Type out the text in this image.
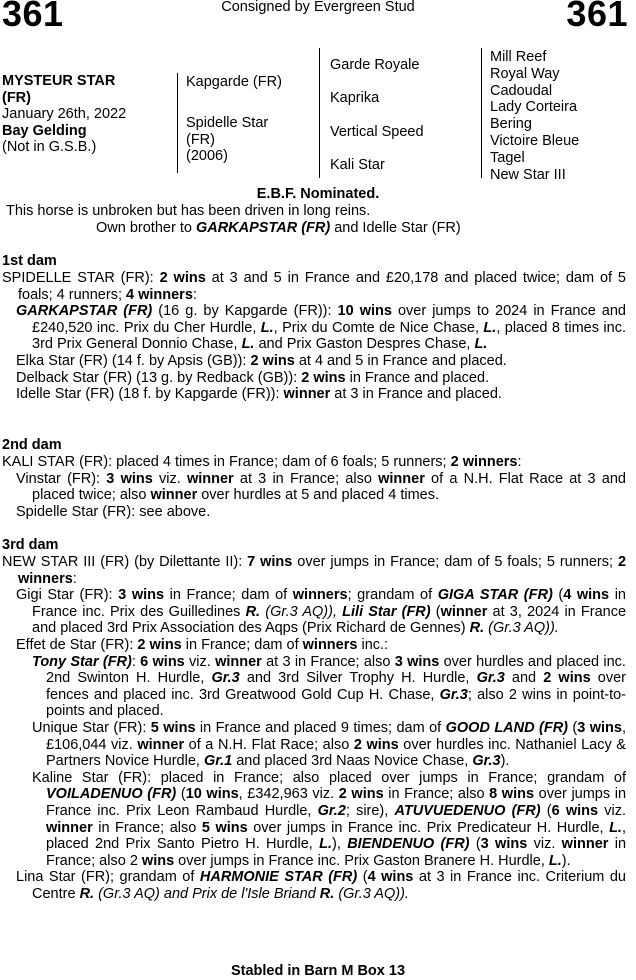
361	Consigned by Evergreen Stud	361
MYSTEUR STAR
(FR)
January 26th, 2022
Bay Gelding
(Not in G.S.B.)
Kapgarde (FR)
Spidelle Star
(FR)
(2006)
Garde Royale
Kaprika
Vertical Speed
Kali Star
Mill Reef
Royal Way
Cadoudal
Lady Corteira
Bering
Victoire Bleue
Tagel
New Star III
E.B.F. Nominated.
This horse is unbroken but has been driven in long reins.
Own brother to GARKAPSTAR (FR) and Idelle Star (FR)
1st dam
SPIDELLE STAR (FR): 2 wins at 3 and 5 in France and £20,178 and placed twice; dam of 5 foals; 4 runners; 4 winners:
GARKAPSTAR (FR) (16 g. by Kapgarde (FR)): 10 wins over jumps to 2024 in France and £240,520 inc. Prix du Cher Hurdle, L., Prix du Comte de Nice Chase, L., placed 8 times inc. 3rd Prix General Donnio Chase, L. and Prix Gaston Despres Chase, L.
Elka Star (FR) (14 f. by Apsis (GB)): 2 wins at 4 and 5 in France and placed.
Delback Star (FR) (13 g. by Redback (GB)): 2 wins in France and placed.
Idelle Star (FR) (18 f. by Kapgarde (FR)): winner at 3 in France and placed.
2nd dam
KALI STAR (FR): placed 4 times in France; dam of 6 foals; 5 runners; 2 winners:
Vinstar (FR): 3 wins viz. winner at 3 in France; also winner of a N.H. Flat Race at 3 and placed twice; also winner over hurdles at 5 and placed 4 times.
Spidelle Star (FR): see above.
3rd dam
NEW STAR III (FR) (by Dilettante II): 7 wins over jumps in France; dam of 5 foals; 5 runners; 2 winners:
Gigi Star (FR): 3 wins in France; dam of winners; grandam of GIGA STAR (FR) (4 wins in France inc. Prix des Guilledines R. (Gr.3 AQ)), Lili Star (FR) (winner at 3, 2024 in France and placed 3rd Prix Association des Aqps (Prix Richard de Gennes) R. (Gr.3 AQ)).
Effet de Star (FR): 2 wins in France; dam of winners inc.:
Tony Star (FR): 6 wins viz. winner at 3 in France; also 3 wins over hurdles and placed inc. 2nd Swinton H. Hurdle, Gr.3 and 3rd Silver Trophy H. Hurdle, Gr.3 and 2 wins over fences and placed inc. 3rd Greatwood Gold Cup H. Chase, Gr.3; also 2 wins in point-to-points and placed.
Unique Star (FR): 5 wins in France and placed 9 times; dam of GOOD LAND (FR) (3 wins, £106,044 viz. winner of a N.H. Flat Race; also 2 wins over hurdles inc. Nathaniel Lacy & Partners Novice Hurdle, Gr.1 and placed 3rd Naas Novice Chase, Gr.3).
Kaline Star (FR): placed in France; also placed over jumps in France; grandam of VOILADENUO (FR) (10 wins, £342,963 viz. 2 wins in France; also 8 wins over jumps in France inc. Prix Leon Rambaud Hurdle, Gr.2; sire), ATUVUEDENUO (FR) (6 wins viz. winner in France; also 5 wins over jumps in France inc. Prix Predicateur H. Hurdle, L., placed 2nd Prix Santo Pietro H. Hurdle, L.), BIENDENUO (FR) (3 wins viz. winner in France; also 2 wins over jumps in France inc. Prix Gaston Branere H. Hurdle, L.).
Lina Star (FR); grandam of HARMONIE STAR (FR) (4 wins at 3 in France inc. Criterium du Centre R. (Gr.3 AQ) and Prix de l'Isle Briand R. (Gr.3 AQ)).
Stabled in Barn M Box 13
